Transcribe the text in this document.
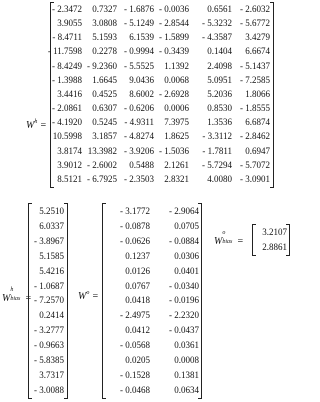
$W^h$ =
- 2.3472 0.7327 - 1.6876 - 0.0036 0.6561 - 2.6032
3.9055 3.0808 - 5.1249 - 2.8544 - 5.3232 - 5.6772
- 8.4711 5.1593 6.1539 - 1.5899 - 4.3587 3.4279
- 11.7598 0.2278 - 0.9994 - 0.3439 0.1404 6.6674
- 8.4249 - 9.2360 - 5.5525 1.1392 2.4098 - 5.1437
- 1.3988 1.6645 9.0436 0.0068 5.0951 - 7.2585
3.4416 0.4525 8.6002 - 2.6928 5.2036 1.8066
- 2.0861 0.6307 - 0.6206 0.0006 0.8530 - 1.8555
- 4.1920 0.5245 - 4.9311 7.3975 1.3536 6.6874
10.5998 3.1857 - 4.8274 1.8625 - 3.3112 - 2.8462
3.8174 13.3982 - 3.9206 - 1.5036 - 1.7811 0.6947
3.9012 - 2.6002 0.5488 2.1261 - 5.7294 - 5.7072
8.5121 - 6.7925 - 2.3503 2.8321 4.0080 - 3.0901
W
h
bias =
5.2510
6.0337
- 3.8967
5.1585
5.4216
- 1.0687
- 7.2570
0.2414
- 3.2777
- 0.9663
- 5.8385
3.7317
- 3.0088
$W^o$ =
- 3.1772 - 2.9064
- 0.0878	0.0705
- 0.0626 - 0.0884
0.1237	0.0306
0.0126	0.0401
0.0767 - 0.0340
0.0418 - 0.0196
- 2.4975 - 2.2320
0.0412 - 0.0437
- 0.0568	0.0361
0.0205	0.0008
- 0.1528	0.1381
- 0.0468	0.0634
W
o
bias =
3.2107
2.8861
